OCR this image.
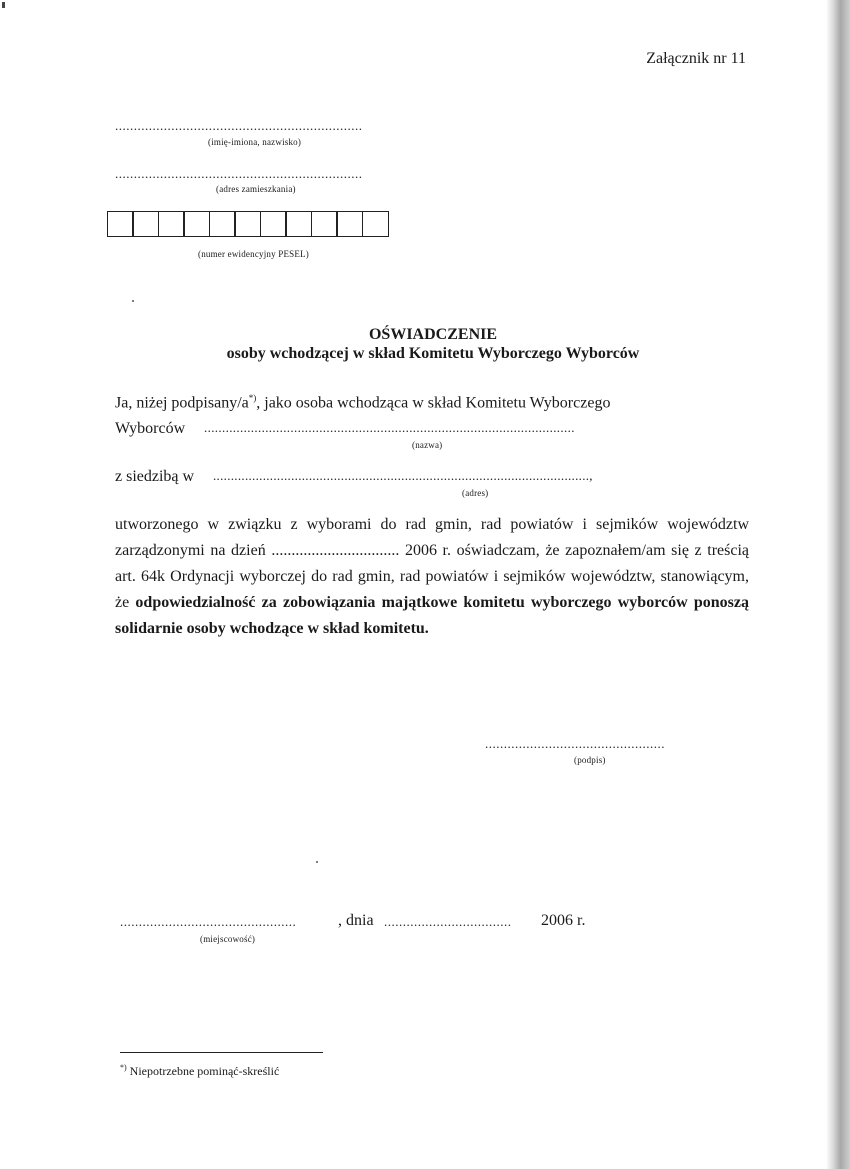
Załącznik nr 11
..................................................................
(imię-imiona, nazwisko)
..................................................................
(adres zamieszkania)
(numer ewidencyjny PESEL)
OŚWIADCZENIE
osoby wchodzącej w skład Komitetu Wyborczego Wyborców
Ja, niżej podpisany/a*), jako osoba wchodząca w skład Komitetu Wyborczego
Wyborców .......................................................................................................
(nazwa)
z siedzibą w ..........................................................................................................,
(adres)
utworzonego w związku z wyborami do rad gmin, rad powiatów i sejmików województw zarządzonymi na dzień ................................ 2006 r. oświadczam, że zapoznałem/am się z treścią art. 64k Ordynacji wyborczej do rad gmin, rad powiatów i sejmików województw, stanowiącym, że odpowiedzialność za zobowiązania majątkowe komitetu wyborczego wyborców ponoszą solidarnie osoby wchodzące w skład komitetu.
................................................
(podpis)
...............................................	, dnia .................................. 2006 r.
(miejscowość)
*) Niepotrzebne pominąć-skreślić
